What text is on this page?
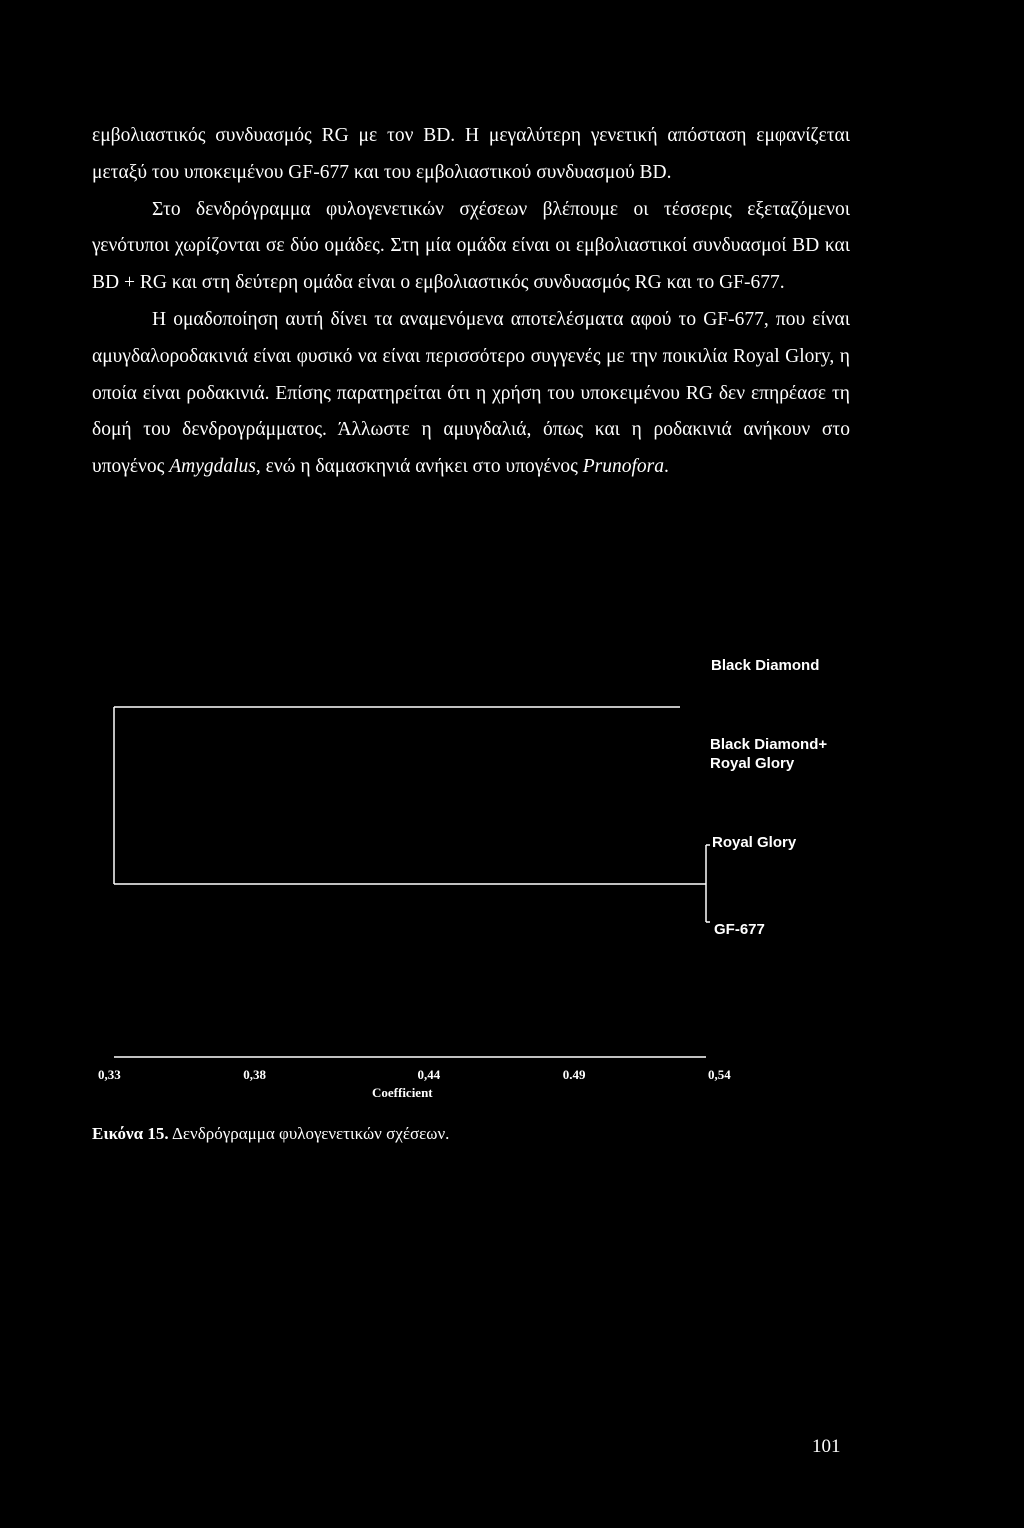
εμβολιαστικός συνδυασμός RG με τον BD. Η μεγαλύτερη γενετική απόσταση εμφανίζεται μεταξύ του υποκειμένου GF-677 και του εμβολιαστικού συνδυασμού BD.

Στο δενδρόγραμμα φυλογενετικών σχέσεων βλέπουμε οι τέσσερις εξεταζόμενοι γενότυποι χωρίζονται σε δύο ομάδες. Στη μία ομάδα είναι οι εμβολιαστικοί συνδυασμοί BD και BD + RG και στη δεύτερη ομάδα είναι ο εμβολιαστικός συνδυασμός RG και το GF-677.

Η ομαδοποίηση αυτή δίνει τα αναμενόμενα αποτελέσματα αφού το GF-677, που είναι αμυγδαλοροδακινιά είναι φυσικό να είναι περισσότερο συγγενές με την ποικιλία Royal Glory, η οποία είναι ροδακινιά. Επίσης παρατηρείται ότι η χρήση του υποκειμένου RG δεν επηρέασε τη δομή του δενδρογράμματος. Άλλωστε η αμυγδαλιά, όπως και η ροδακινιά ανήκουν στο υπογένος Amygdalus, ενώ η δαμασκηνιά ανήκει στο υπογένος Prunofora.

Black Diamond
Black Diamond+
Royal Glory
Royal Glory
GF-677
0,33	0,38	0,44	0.49	0,54
Coefficient
Εικόνα 15. Δενδρόγραμμα φυλογενετικών σχέσεων.
101
